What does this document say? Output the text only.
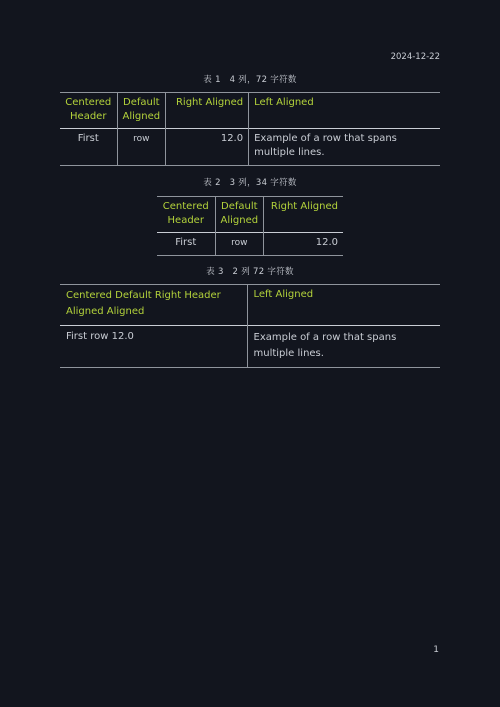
2024-12-22
表 1　4 列，72 字符数
Centered Header	Default Aligned	Right Aligned	Left Aligned
First	row	12.0	Example of a row that spans multiple lines.
表 2　3 列，34 字符数
Centered Header	Default Aligned	Right Aligned
First	row	12.0
表 3　2 列 72 字符数
Centered Default Right Header Aligned Aligned	Left Aligned
First row 12.0	Example of a row that spans multiple lines.
1
